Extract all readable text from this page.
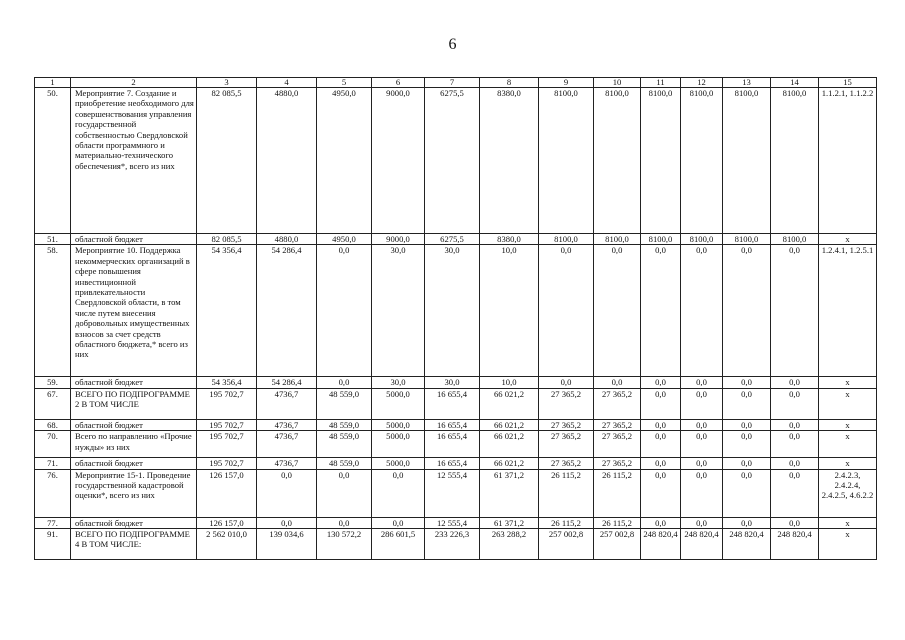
6
1	2	3	4	5	6	7	8	9	10	11	12	13	14	15
50.	Мероприятие 7. Создание и приобретение необходимого для совершенствования управления государственной собственностью Свердловской области программного и материально-технического обеспечения*, всего из них	82 085,5	4880,0	4950,0	9000,0	6275,5	8380,0	8100,0	8100,0	8100,0	8100,0	8100,0	8100,0	1.1.2.1, 1.1.2.2
51.	областной бюджет	82 085,5	4880,0	4950,0	9000,0	6275,5	8380,0	8100,0	8100,0	8100,0	8100,0	8100,0	8100,0	х
58.	Мероприятие 10. Поддержка некоммерческих организаций в сфере повышения инвестиционной привлекательности Свердловской области, в том числе путем внесения добровольных имущественных взносов за счет средств областного бюджета,* всего из них	54 356,4	54 286,4	0,0	30,0	30,0	10,0	0,0	0,0	0,0	0,0	0,0	0,0	1.2.4.1, 1.2.5.1
59.	областной бюджет	54 356,4	54 286,4	0,0	30,0	30,0	10,0	0,0	0,0	0,0	0,0	0,0	0,0	х
67.	ВСЕГО ПО ПОДПРОГРАММЕ 2 В ТОМ ЧИСЛЕ	195 702,7	4736,7	48 559,0	5000,0	16 655,4	66 021,2	27 365,2	27 365,2	0,0	0,0	0,0	0,0	х
68.	областной бюджет	195 702,7	4736,7	48 559,0	5000,0	16 655,4	66 021,2	27 365,2	27 365,2	0,0	0,0	0,0	0,0	х
70.	Всего по направлению «Прочие нужды» из них	195 702,7	4736,7	48 559,0	5000,0	16 655,4	66 021,2	27 365,2	27 365,2	0,0	0,0	0,0	0,0	х
71.	областной бюджет	195 702,7	4736,7	48 559,0	5000,0	16 655,4	66 021,2	27 365,2	27 365,2	0,0	0,0	0,0	0,0	х
76.	Мероприятие 15-1. Проведение государственной кадастровой оценки*, всего из них	126 157,0	0,0	0,0	0,0	12 555,4	61 371,2	26 115,2	26 115,2	0,0	0,0	0,0	0,0	2.4.2.3, 2.4.2.4, 2.4.2.5, 4.6.2.2
77.	областной бюджет	126 157,0	0,0	0,0	0,0	12 555,4	61 371,2	26 115,2	26 115,2	0,0	0,0	0,0	0,0	х
91.	ВСЕГО ПО ПОДПРОГРАММЕ 4 В ТОМ ЧИСЛЕ:	2 562 010,0	139 034,6	130 572,2	286 601,5	233 226,3	263 288,2	257 002,8	257 002,8	248 820,4	248 820,4	248 820,4	248 820,4	х
